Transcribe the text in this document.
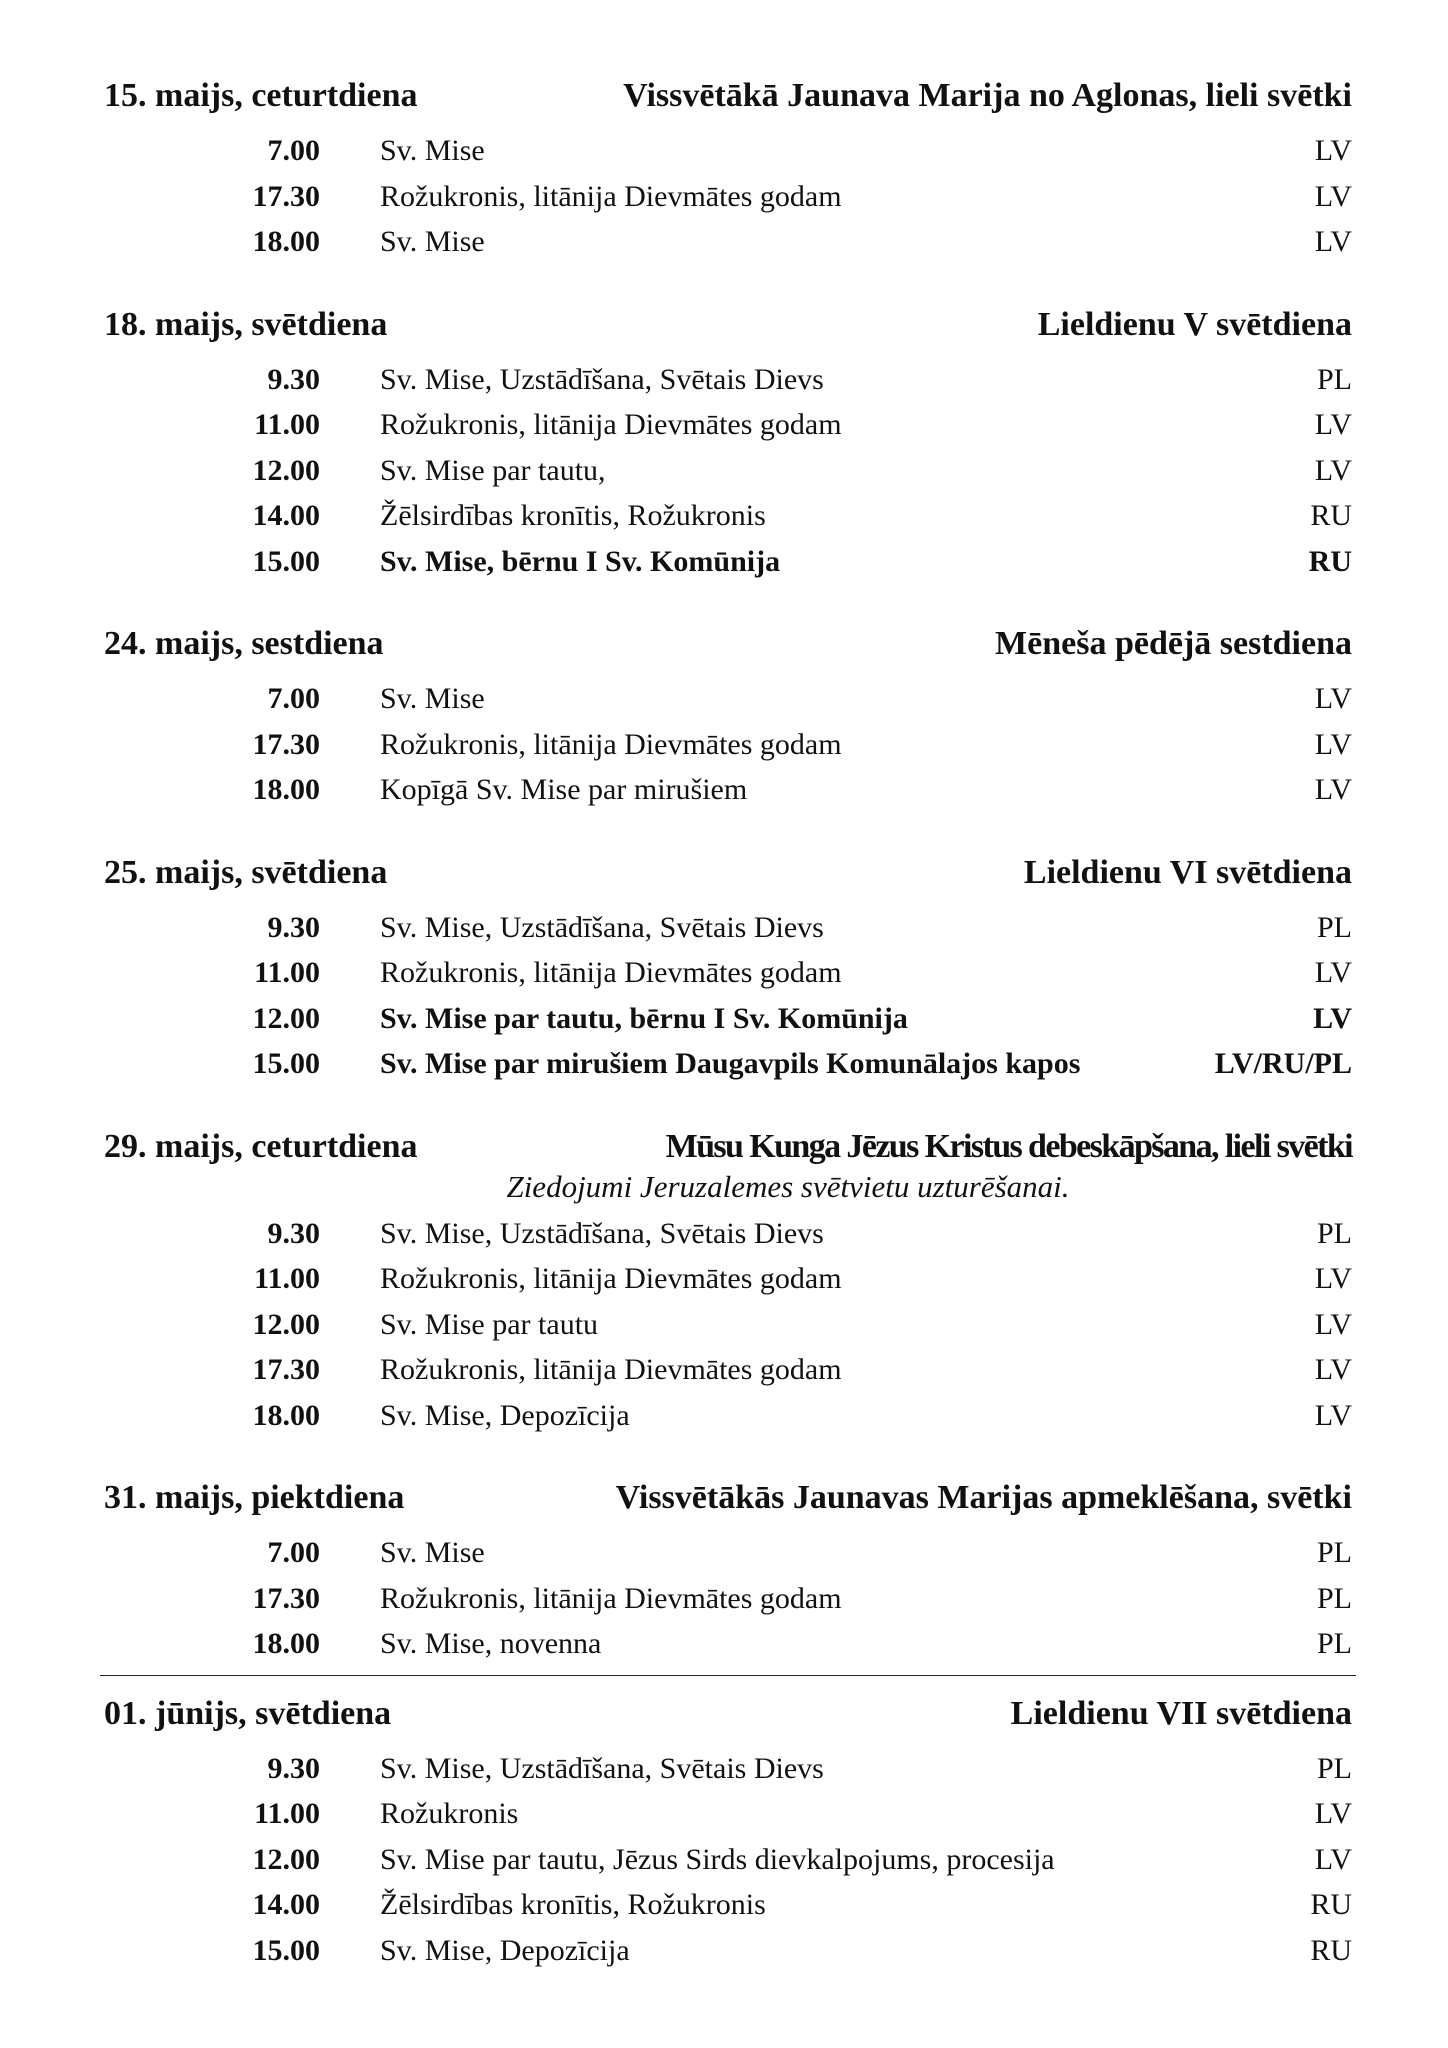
15. maijs, ceturtdiena	Vissvētākā Jaunava Marija no Aglonas, lieli svētki
7.00 Sv. Mise	LV
17.30 Rožukronis, litānija Dievmātes godam	LV
18.00 Sv. Mise	LV
18. maijs, svētdiena	Lieldienu V svētdiena
9.30 Sv. Mise, Uzstādīšana, Svētais Dievs	PL
11.00 Rožukronis, litānija Dievmātes godam	LV
12.00 Sv. Mise par tautu,	LV
14.00 Žēlsirdības kronītis, Rožukronis	RU
15.00 Sv. Mise, bērnu I Sv. Komūnija	RU
24. maijs, sestdiena	Mēneša pēdējā sestdiena
7.00 Sv. Mise	LV
17.30 Rožukronis, litānija Dievmātes godam	LV
18.00 Kopīgā Sv. Mise par mirušiem	LV
25. maijs, svētdiena	Lieldienu VI svētdiena
9.30 Sv. Mise, Uzstādīšana, Svētais Dievs	PL
11.00 Rožukronis, litānija Dievmātes godam	LV
12.00 Sv. Mise par tautu, bērnu I Sv. Komūnija	LV
15.00 Sv. Mise par mirušiem Daugavpils Komunālajos kapos	LV/RU/PL
29. maijs, ceturtdiena	Mūsu Kunga Jēzus Kristus debeskāpšana, lieli svētki
Ziedojumi Jeruzalemes svētvietu uzturēšanai.
9.30 Sv. Mise, Uzstādīšana, Svētais Dievs	PL
11.00 Rožukronis, litānija Dievmātes godam	LV
12.00 Sv. Mise par tautu	LV
17.30 Rožukronis, litānija Dievmātes godam	LV
18.00 Sv. Mise, Depozīcija	LV
31. maijs, piektdiena	Vissvētākās Jaunavas Marijas apmeklēšana, svētki
7.00 Sv. Mise	PL
17.30 Rožukronis, litānija Dievmātes godam	PL
18.00 Sv. Mise, novenna	PL
01. jūnijs, svētdiena	Lieldienu VII svētdiena
9.30 Sv. Mise, Uzstādīšana, Svētais Dievs	PL
11.00 Rožukronis	LV
12.00 Sv. Mise par tautu, Jēzus Sirds dievkalpojums, procesija	LV
14.00 Žēlsirdības kronītis, Rožukronis	RU
15.00 Sv. Mise, Depozīcija	RU
